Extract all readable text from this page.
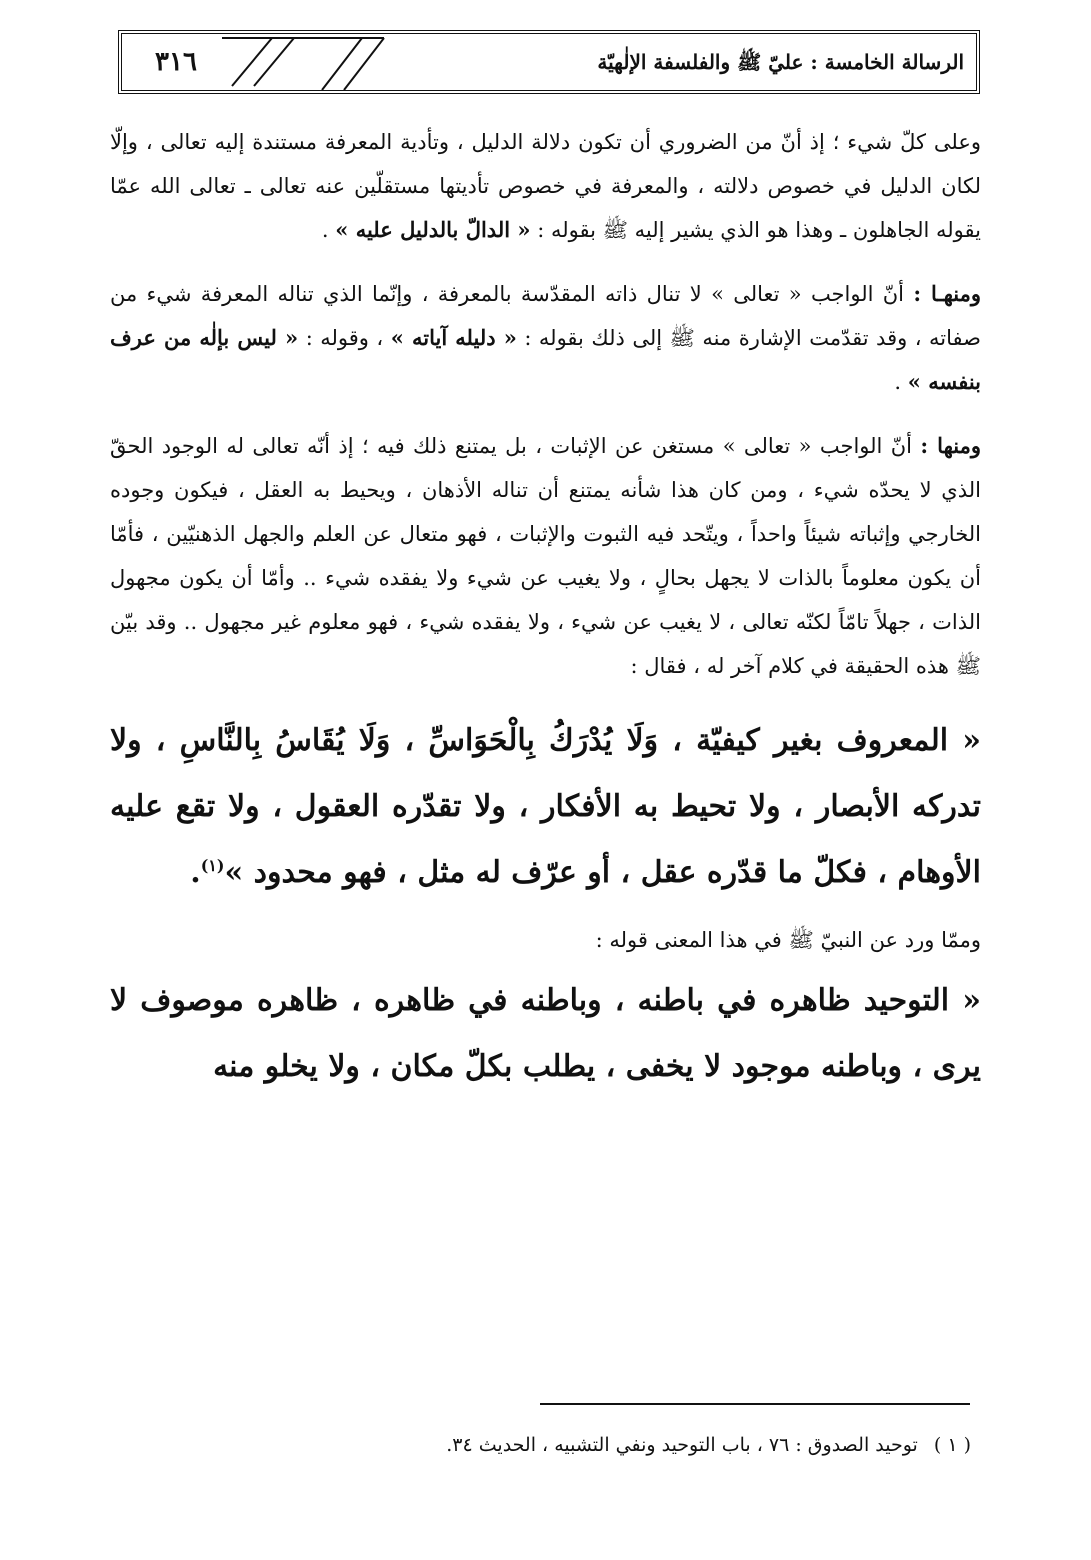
الرسالة الخامسة : عليّ ﷺ والفلسفة الإلٰهيّة
٣١٦

وعلى كلّ شيء ؛ إذ أنّ من الضروري أن تكون دلالة الدليل ، وتأدية المعرفة مستندة إليه تعالى ، وإلّا لكان الدليل في خصوص دلالته ، والمعرفة في خصوص تأديتها مستقلّين عنه تعالى ـ تعالى الله عمّا يقوله الجاهلون ـ وهذا هو الذي يشير إليه ﷺ بقوله : « الدالّ بالدليل عليه » .

ومنهـا : أنّ الواجب « تعالى » لا تنال ذاته المقدّسة بالمعرفة ، وإنّما الذي تناله المعرفة شيء من صفاته ، وقد تقدّمت الإشارة منه ﷺ إلى ذلك بقوله : « دليله آياته » ، وقوله : « ليس بإلٰه من عرف بنفسه » .

ومنها : أنّ الواجب « تعالى » مستغن عن الإثبات ، بل يمتنع ذلك فيه ؛ إذ أنّه تعالى له الوجود الحقّ الذي لا يحدّه شيء ، ومن كان هذا شأنه يمتنع أن تناله الأذهان ، ويحيط به العقل ، فيكون وجوده الخارجي وإثباته شيئاً واحداً ، ويتّحد فيه الثبوت والإثبات ، فهو متعال عن العلم والجهل الذهنيّين ، فأمّا أن يكون معلوماً بالذات لا يجهل بحالٍ ، ولا يغيب عن شيء ولا يفقده شيء .. وأمّا أن يكون مجهول الذات ، جهلاً تامّاً لكنّه تعالى ، لا يغيب عن شيء ، ولا يفقده شيء ، فهو معلوم غير مجهول .. وقد بيّن ﷺ هذه الحقيقة في كلام آخر له ، فقال :

« المعروف بغير كيفيّة ، وَلَا يُدْرَكُ بِالْحَوَاسِّ ، وَلَا يُقَاسُ بِالنَّاسِ ، ولا تدركه الأبصار ، ولا تحيط به الأفكار ، ولا تقدّره العقول ، ولا تقع عليه الأوهام ، فكلّ ما قدّره عقل ، أو عرّف له مثل ، فهو محدود »$^{(١)}$.

وممّا ورد عن النبيّ ﷺ في هذا المعنى قوله :

« التوحيد ظاهره في باطنه ، وباطنه في ظاهره ، ظاهره موصوف لا يرى ، وباطنه موجود لا يخفى ، يطلب بكلّ مكان ، ولا يخلو منه

( ١ ) توحيد الصدوق : ٧٦ ، باب التوحيد ونفي التشبيه ، الحديث ٣٤.
